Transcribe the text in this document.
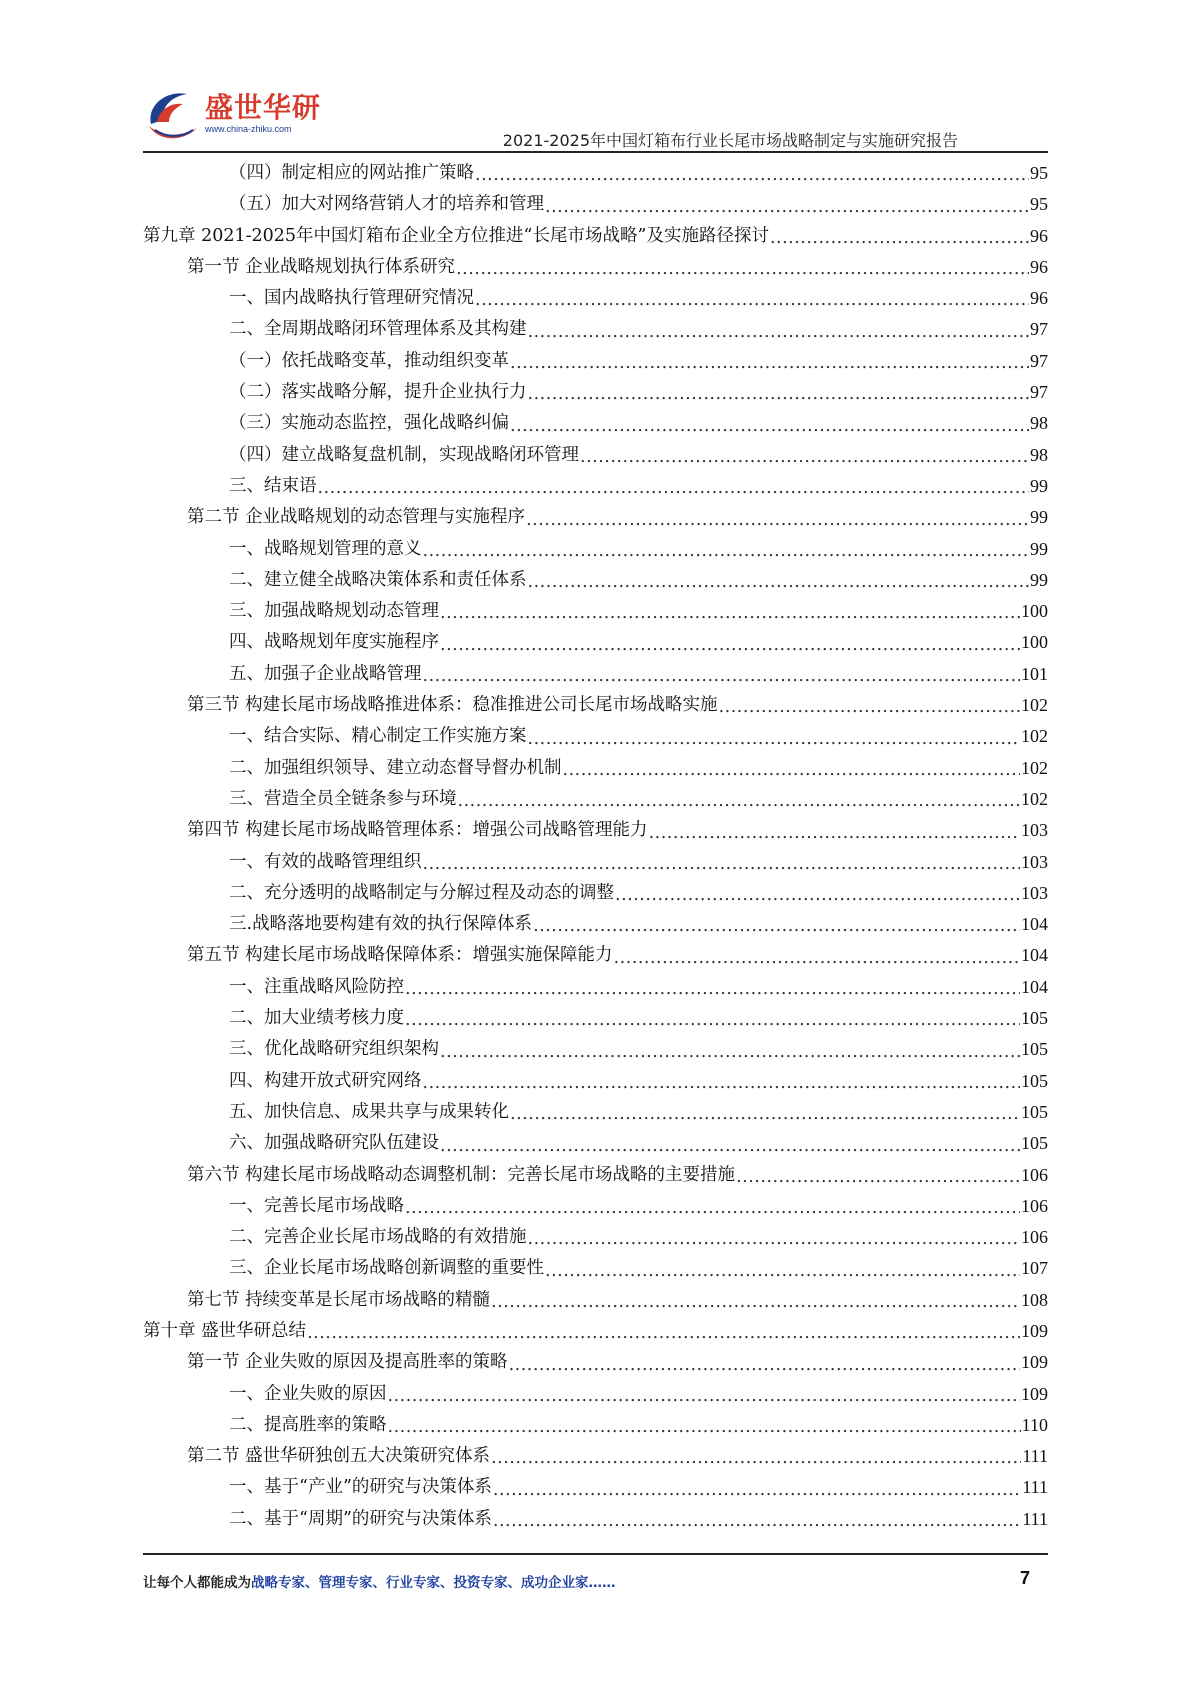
盛世华研
www.china-zhiku.com
2021-2025年中国灯箱布行业长尾市场战略制定与实施研究报告
（四）制定相应的网站推广策略 .....	95
（五）加大对网络营销人才的培养和管理 .....	95
第九章 2021-2025年中国灯箱布企业全方位推进“长尾市场战略”及实施路径探讨 .....	96
第一节 企业战略规划执行体系研究 .....	96
一、国内战略执行管理研究情况 .....	96
二、全周期战略闭环管理体系及其构建 .....	97
（一）依托战略变革，推动组织变革 .....	97
（二）落实战略分解，提升企业执行力 .....	97
（三）实施动态监控，强化战略纠偏 .....	98
（四）建立战略复盘机制，实现战略闭环管理 .....	98
三、结束语 .....	99
第二节 企业战略规划的动态管理与实施程序 .....	99
一、战略规划管理的意义 .....	99
二、建立健全战略决策体系和责任体系 .....	99
三、加强战略规划动态管理 .....	100
四、战略规划年度实施程序 .....	100
五、加强子企业战略管理 .....	101
第三节 构建长尾市场战略推进体系：稳准推进公司长尾市场战略实施 .....	102
一、结合实际、精心制定工作实施方案 .....	102
二、加强组织领导、建立动态督导督办机制 .....	102
三、营造全员全链条参与环境 .....	102
第四节 构建长尾市场战略管理体系：增强公司战略管理能力 .....	103
一、有效的战略管理组织 .....	103
二、充分透明的战略制定与分解过程及动态的调整 .....	103
三.战略落地要构建有效的执行保障体系 .....	104
第五节 构建长尾市场战略保障体系：增强实施保障能力 .....	104
一、注重战略风险防控 .....	104
二、加大业绩考核力度 .....	105
三、优化战略研究组织架构 .....	105
四、构建开放式研究网络 .....	105
五、加快信息、成果共享与成果转化 .....	105
六、加强战略研究队伍建设 .....	105
第六节 构建长尾市场战略动态调整机制：完善长尾市场战略的主要措施 .....	106
一、完善长尾市场战略 .....	106
二、完善企业长尾市场战略的有效措施 .....	106
三、企业长尾市场战略创新调整的重要性 .....	107
第七节 持续变革是长尾市场战略的精髓 .....	108
第十章 盛世华研总结 .....	109
第一节 企业失败的原因及提高胜率的策略 .....	109
一、企业失败的原因 .....	109
二、提高胜率的策略 .....	110
第二节 盛世华研独创五大决策研究体系 .....	111
一、基于“产业”的研究与决策体系 .....	111
二、基于“周期”的研究与决策体系 .....	111
让每个人都能成为战略专家、管理专家、行业专家、投资专家、成功企业家……	7
